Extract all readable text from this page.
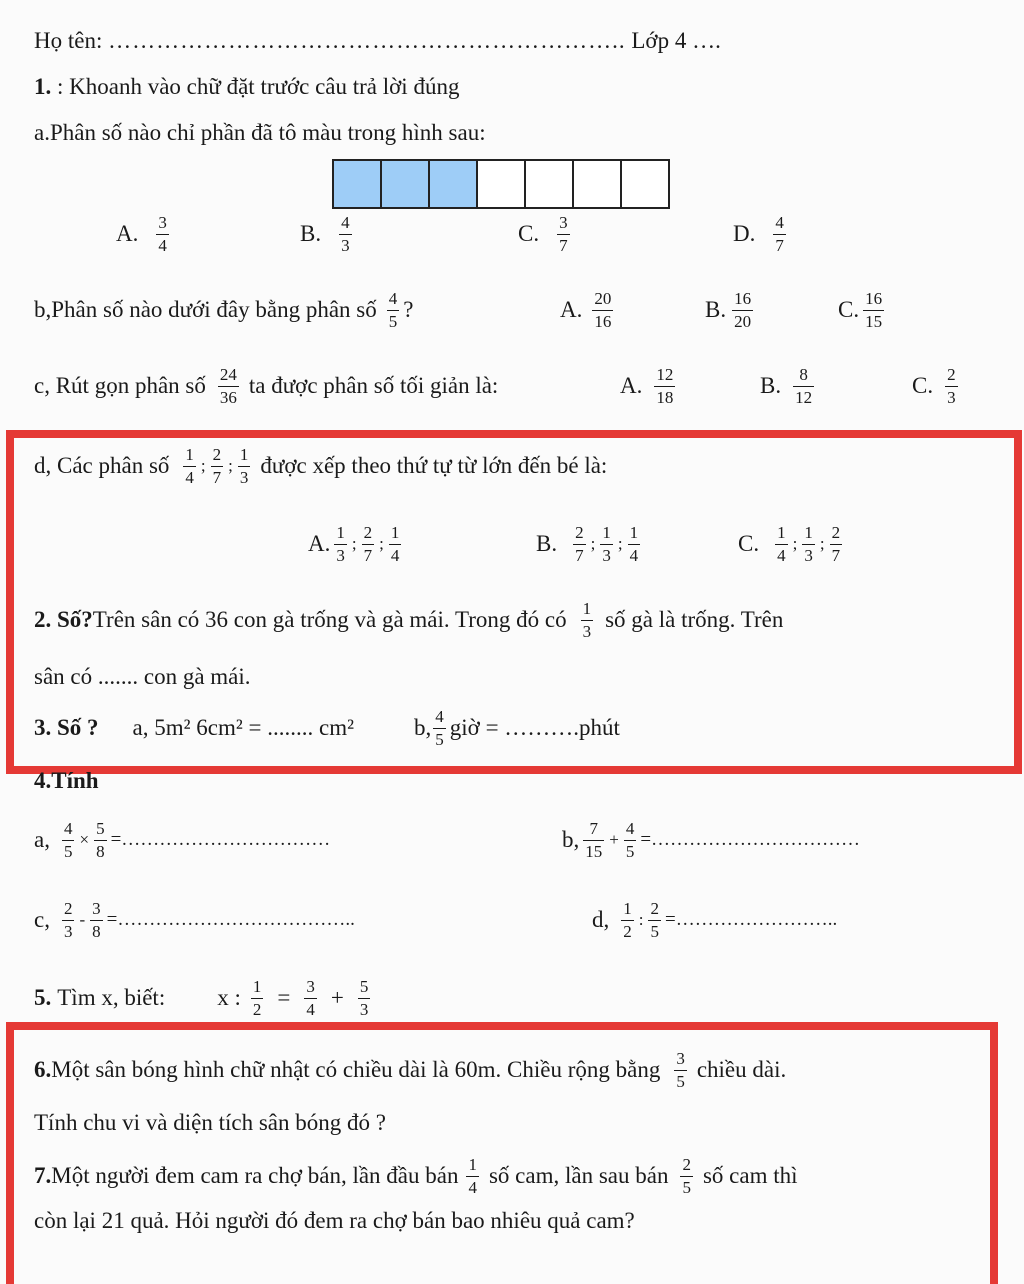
Họ tên: ……………………………………………………….. Lớp 4 ….
1. : Khoanh vào chữ đặt trước câu trả lời đúng
a.Phân số nào chỉ phần đã tô màu trong hình sau:
A. $\frac{3}{4}$	B. $\frac{4}{3}$	C. $\frac{3}{7}$	D. $\frac{4}{7}$
b,Phân số nào dưới đây bằng phân số $\frac{4}{5}$ ?	A. $\frac{20}{16}$	B. $\frac{16}{20}$	C. $\frac{16}{15}$
c, Rút gọn phân số $\frac{24}{36}$ ta được phân số tối giản là:	A. $\frac{12}{18}$	B. $\frac{8}{12}$	C. $\frac{2}{3}$
d, Các phân số $\frac{1}{4}$ ; $\frac{2}{7}$ ; $\frac{1}{3}$ được xếp theo thứ tự từ lớn đến bé là:
A. $\frac{1}{3}$ ; $\frac{2}{7}$ ; $\frac{1}{4}$	B. $\frac{2}{7}$ ; $\frac{1}{3}$ ; $\frac{1}{4}$	C. $\frac{1}{4}$ ; $\frac{1}{3}$ ; $\frac{2}{7}$
2. Số? Trên sân có 36 con gà trống và gà mái. Trong đó có $\frac{1}{3}$ số gà là trống. Trên
sân có ....... con gà mái.
3. Số ? a, 5m² 6cm² = ........ cm²	b, $\frac{4}{5}$ giờ = ……….phút
4.Tính
a, $\frac{4}{5} \times \frac{5}{8}$ =……………………………	b, $\frac{7}{15} + \frac{4}{5}$ =……………………………
c, $\frac{2}{3} - \frac{3}{8}$ =………………………………..	d, $\frac{1}{2}$ : $\frac{2}{5}$ =……………………..
5. Tìm x, biết: x : $\frac{1}{2} = \frac{3}{4} + \frac{5}{3}$
6. Một sân bóng hình chữ nhật có chiều dài là 60m. Chiều rộng bằng $\frac{3}{5}$ chiều dài.
Tính chu vi và diện tích sân bóng đó ?
7. Một người đem cam ra chợ bán, lần đầu bán $\frac{1}{4}$ số cam, lần sau bán $\frac{2}{5}$ số cam thì
còn lại 21 quả. Hỏi người đó đem ra chợ bán bao nhiêu quả cam?
